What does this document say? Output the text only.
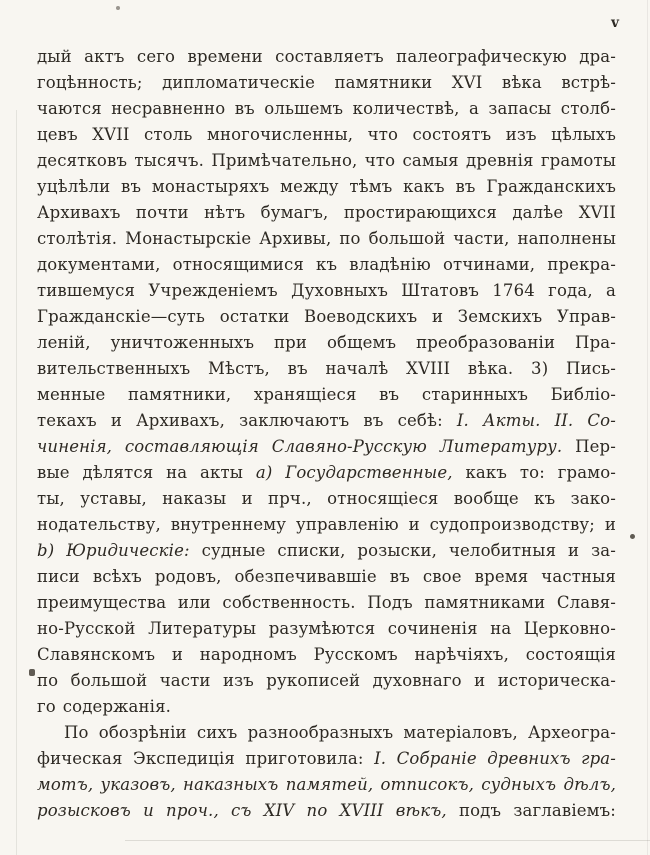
v
дый актъ сего времени составляетъ палеографическую дра-
гоцѣнность; дипломатическіе памятники XVI вѣка встрѣ-
чаются несравненно въ ольшемъ количествѣ, а запасы столб-
цевъ XVII столь многочисленны, что состоятъ изъ цѣлыхъ
десятковъ тысячъ. Примѣчательно, что самыя древнія грамоты
уцѣлѣли въ монастыряхъ между тѣмъ какъ въ Гражданскихъ
Архивахъ почти нѣтъ бумагъ, простирающихся далѣе XVII
столѣтія. Монастырскіе Архивы, по большой части, наполнены
документами, относящимися къ владѣнію отчинами, прекра-
тившемуся Учрежденіемъ Духовныхъ Штатовъ 1764 года, а
Гражданскіе—суть остатки Воеводскихъ и Земскихъ Управ-
леній, уничтоженныхъ при общемъ преобразованіи Пра-
вительственныхъ Мѣстъ, въ началѣ XVIII вѣка. 3) Пись-
менные памятники, хранящіеся въ старинныхъ Библіо-
текахъ и Архивахъ, заключаютъ въ себѣ: I. Акты. II. Со-
чиненія, составляющія Славяно-Русскую Литературу. Пер-
вые дѣлятся на акты а) Государственные, какъ то: грамо-
ты, уставы, наказы и прч., относящіеся вообще къ зако-
нодательству, внутреннему управленію и судопроизводству; и
b) Юридическіе: судные списки, розыски, челобитныя и за-
писи всѣхъ родовъ, обезпечивавшіе въ свое время частныя
преимущества или собственность. Подъ памятниками Славя-
но-Русской Литературы разумѣются сочиненія на Церковно-
Славянскомъ и народномъ Русскомъ нарѣчіяхъ, состоящія
по большой части изъ рукописей духовнаго и историческа-
го содержанія.
По обозрѣніи сихъ разнообразныхъ матеріаловъ, Археогра-
фическая Экспедиція приготовила: I. Собраніе древнихъ гра-
мотъ, указовъ, наказныхъ памятей, отписокъ, судныхъ дѣлъ,
розысковъ и проч., съ XIV по XVIII вѣкъ, подъ заглавіемъ:
